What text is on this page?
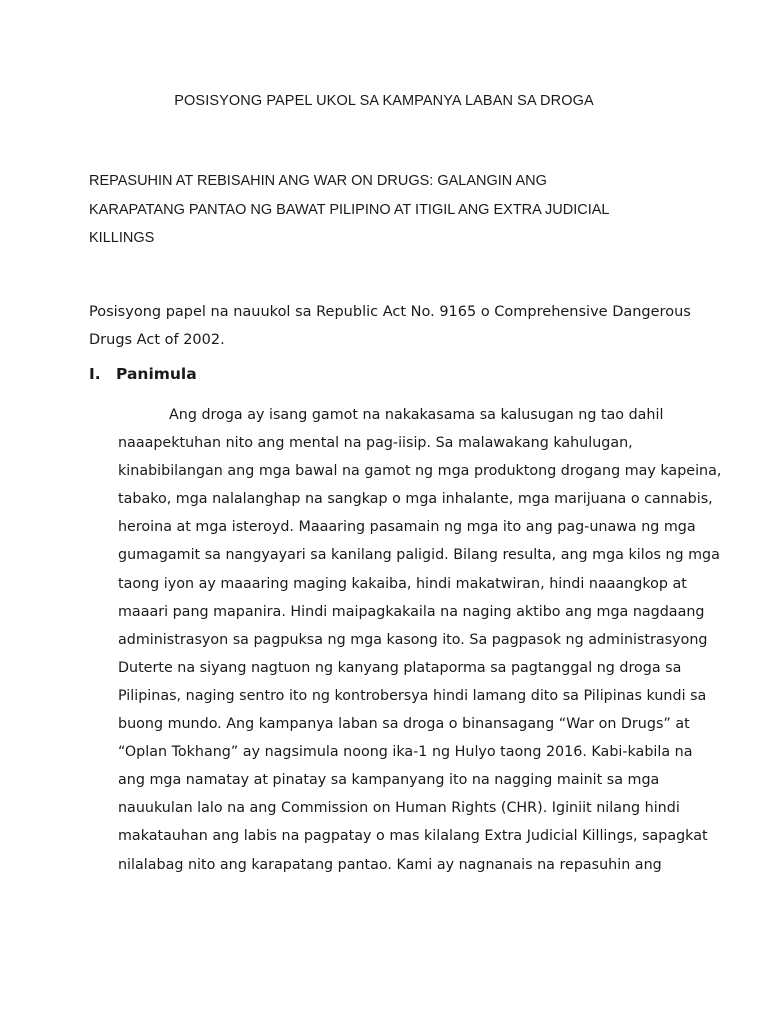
POSISYONG PAPEL UKOL SA KAMPANYA LABAN SA DROGA
REPASUHIN AT REBISAHIN ANG WAR ON DRUGS: GALANGIN ANG
KARAPATANG PANTAO NG BAWAT PILIPINO AT ITIGIL ANG EXTRA JUDICIAL
KILLINGS
Posisyong papel na nauukol sa Republic Act No. 9165 o Comprehensive Dangerous
Drugs Act of 2002.
I. Panimula
Ang droga ay isang gamot na nakakasama sa kalusugan ng tao dahil
naaapektuhan nito ang mental na pag-iisip. Sa malawakang kahulugan,
kinabibilangan ang mga bawal na gamot ng mga produktong drogang may kapeina,
tabako, mga nalalanghap na sangkap o mga inhalante, mga marijuana o cannabis,
heroina at mga isteroyd. Maaaring pasamain ng mga ito ang pag-unawa ng mga
gumagamit sa nangyayari sa kanilang paligid. Bilang resulta, ang mga kilos ng mga
taong iyon ay maaaring maging kakaiba, hindi makatwiran, hindi naaangkop at
maaari pang mapanira. Hindi maipagkakaila na naging aktibo ang mga nagdaang
administrasyon sa pagpuksa ng mga kasong ito. Sa pagpasok ng administrasyong
Duterte na siyang nagtuon ng kanyang plataporma sa pagtanggal ng droga sa
Pilipinas, naging sentro ito ng kontrobersya hindi lamang dito sa Pilipinas kundi sa
buong mundo. Ang kampanya laban sa droga o binansagang “War on Drugs” at
“Oplan Tokhang” ay nagsimula noong ika-1 ng Hulyo taong 2016. Kabi-kabila na
ang mga namatay at pinatay sa kampanyang ito na nagging mainit sa mga
nauukulan lalo na ang Commission on Human Rights (CHR). Iginiit nilang hindi
makatauhan ang labis na pagpatay o mas kilalang Extra Judicial Killings, sapagkat
nilalabag nito ang karapatang pantao. Kami ay nagnanais na repasuhin ang
